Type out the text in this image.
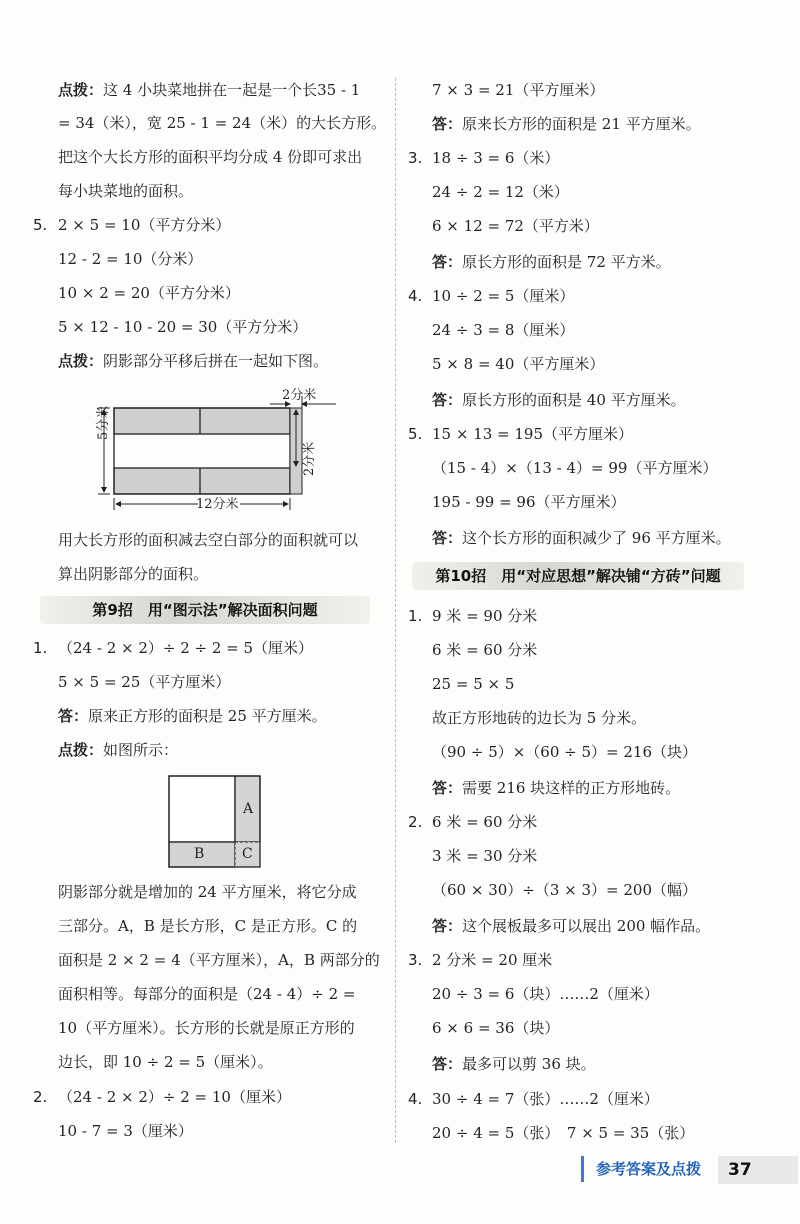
点拨：这 4 小块菜地拼在一起是一个长35 - 1
= 34（米），宽 25 - 1 = 24（米）的大长方形。
把这个大长方形的面积平均分成 4 份即可求出
每小块菜地的面积。
5. 2 × 5 = 10（平方分米）
12 - 2 = 10（分米）
10 × 2 = 20（平方分米）
5 × 12 - 10 - 20 = 30（平方分米）
点拨：阴影部分平移后拼在一起如下图。
2分米
5分米
2分米
12分米
用大长方形的面积减去空白部分的面积就可以
算出阴影部分的面积。
第9招　用“图示法”解决面积问题
1. （24 - 2 × 2）÷ 2 ÷ 2 = 5（厘米）
5 × 5 = 25（平方厘米）
答：原来正方形的面积是 25 平方厘米。
点拨：如图所示：
A
B	C
阴影部分就是增加的 24 平方厘米，将它分成
三部分。A，B 是长方形，C 是正方形。C 的
面积是 2 × 2 = 4（平方厘米），A，B 两部分的
面积相等。每部分的面积是（24 - 4）÷ 2 =
10（平方厘米）。长方形的长就是原正方形的
边长，即 10 ÷ 2 = 5（厘米）。
2. （24 - 2 × 2）÷ 2 = 10（厘米）
10 - 7 = 3（厘米）
7 × 3 = 21（平方厘米）
答：原来长方形的面积是 21 平方厘米。
3. 18 ÷ 3 = 6（米）
24 ÷ 2 = 12（米）
6 × 12 = 72（平方米）
答：原长方形的面积是 72 平方米。
4. 10 ÷ 2 = 5（厘米）
24 ÷ 3 = 8（厘米）
5 × 8 = 40（平方厘米）
答：原长方形的面积是 40 平方厘米。
5. 15 × 13 = 195（平方厘米）
（15 - 4）×（13 - 4）= 99（平方厘米）
195 - 99 = 96（平方厘米）
答：这个长方形的面积减少了 96 平方厘米。
第10招　用“对应思想”解决铺“方砖”问题
1. 9 米 = 90 分米
6 米 = 60 分米
25 = 5 × 5
故正方形地砖的边长为 5 分米。
（90 ÷ 5）×（60 ÷ 5）= 216（块）
答：需要 216 块这样的正方形地砖。
2. 6 米 = 60 分米
3 米 = 30 分米
（60 × 30）÷（3 × 3）= 200（幅）
答：这个展板最多可以展出 200 幅作品。
3. 2 分米 = 20 厘米
20 ÷ 3 = 6（块）……2（厘米）
6 × 6 = 36（块）
答：最多可以剪 36 块。
4. 30 ÷ 4 = 7（张）……2（厘米）
20 ÷ 4 = 5（张）　7 × 5 = 35（张）
参考答案及点拨	37
